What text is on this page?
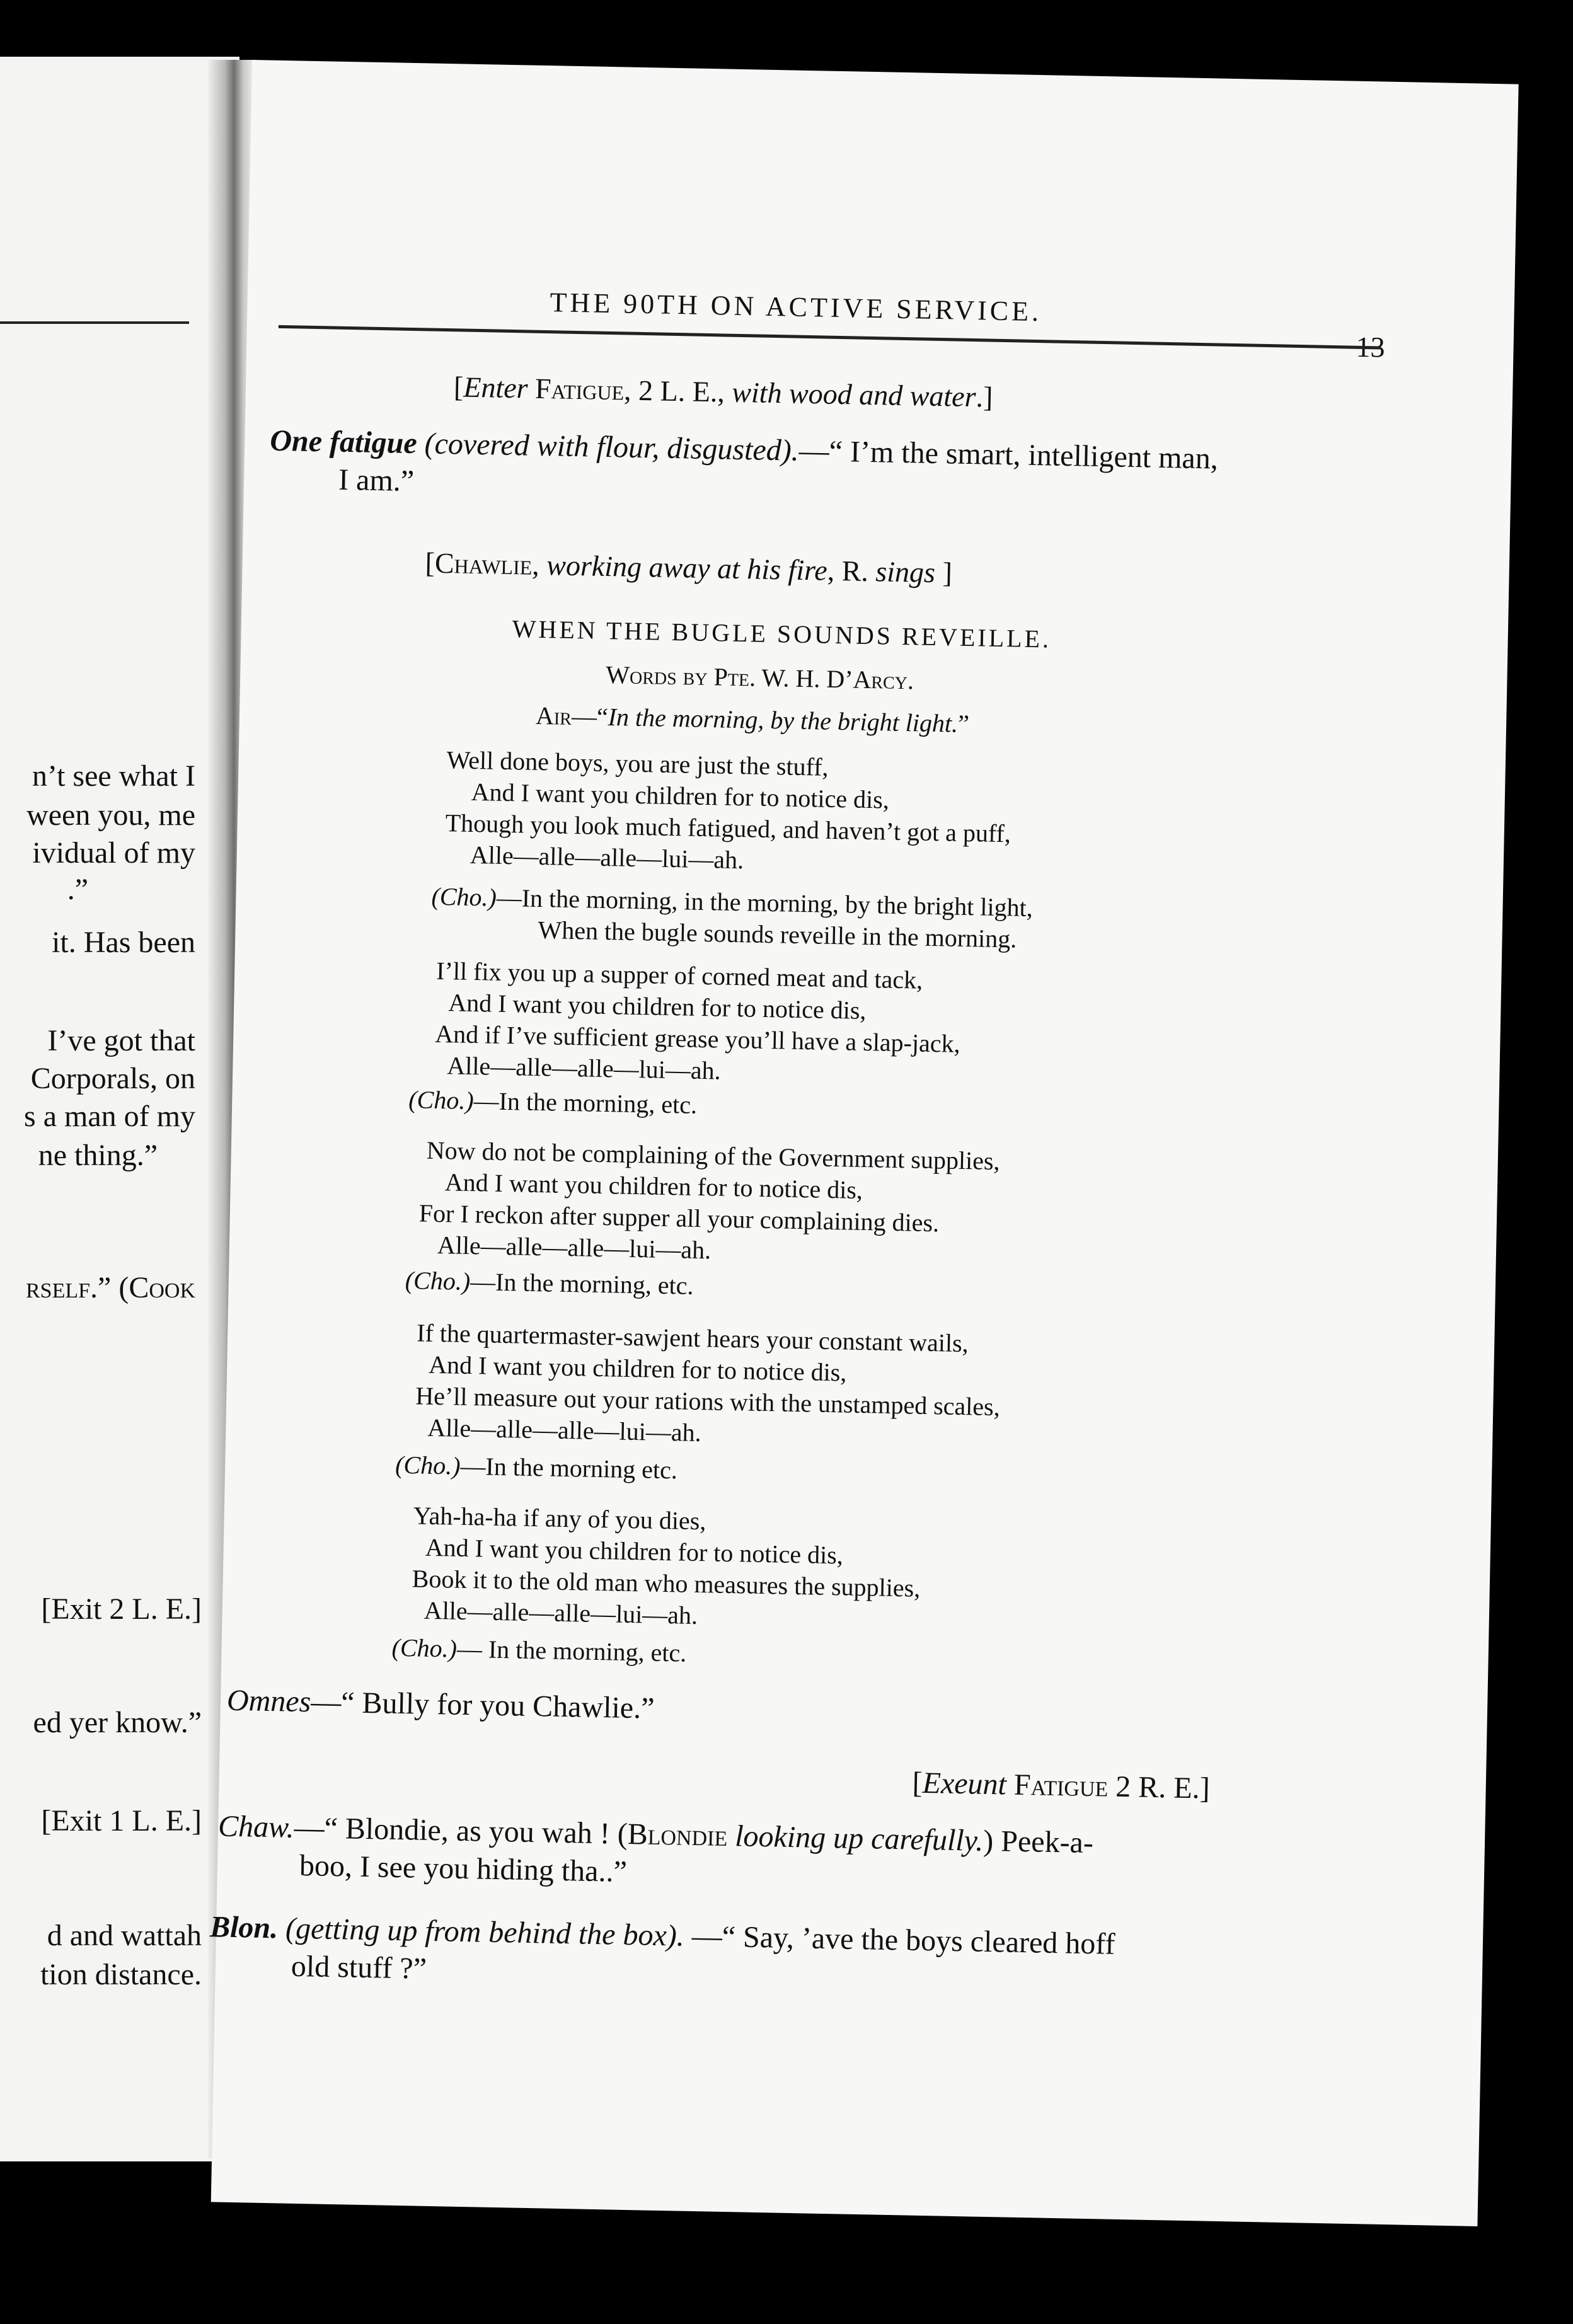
n’t see what I
ween you, me
ividual of my
.”
it. Has been
I’ve got that
Corporals, on
s a man of my
ne thing.”
rself.” (Cook
[Exit 2 L. E.]
ed yer know.”
[Exit 1 L. E.]
d and wattah
tion distance.
THE 90TH ON ACTIVE SERVICE.
13
[Enter Fatigue, 2 L. E., with wood and water.]
One fatigue (covered with flour, disgusted).—“ I’m the smart, intelligent man,
I am.”
[Chawlie, working away at his fire, R. sings ]
WHEN THE BUGLE SOUNDS REVEILLE.
Words by Pte. W. H. D’Arcy.
Air—“In the morning, by the bright light.”
Well done boys, you are just the stuff,
And I want you children for to notice dis,
Though you look much fatigued, and haven’t got a puff,
Alle—alle—alle—lui—ah.
(Cho.)—In the morning, in the morning, by the bright light,
When the bugle sounds reveille in the morning.
I’ll fix you up a supper of corned meat and tack,
And I want you children for to notice dis,
And if I’ve sufficient grease you’ll have a slap-jack,
Alle—alle—alle—lui—ah.
(Cho.)—In the morning, etc.
Now do not be complaining of the Government supplies,
And I want you children for to notice dis,
For I reckon after supper all your complaining dies.
Alle—alle—alle—lui—ah.
(Cho.)—In the morning, etc.
If the quartermaster-sawjent hears your constant wails,
And I want you children for to notice dis,
He’ll measure out your rations with the unstamped scales,
Alle—alle—alle—lui—ah.
(Cho.)—In the morning etc.
Yah-ha-ha if any of you dies,
And I want you children for to notice dis,
Book it to the old man who measures the supplies,
Alle—alle—alle—lui—ah.
(Cho.)— In the morning, etc.
Omnes—“ Bully for you Chawlie.”
[Exeunt Fatigue 2 R. E.]
Chaw.—“ Blondie, as you wah ! (Blondie looking up carefully.) Peek-a-
boo, I see you hiding tha..”
Blon. (getting up from behind the box). —“ Say, ’ave the boys cleared hoff
old stuff ?”
